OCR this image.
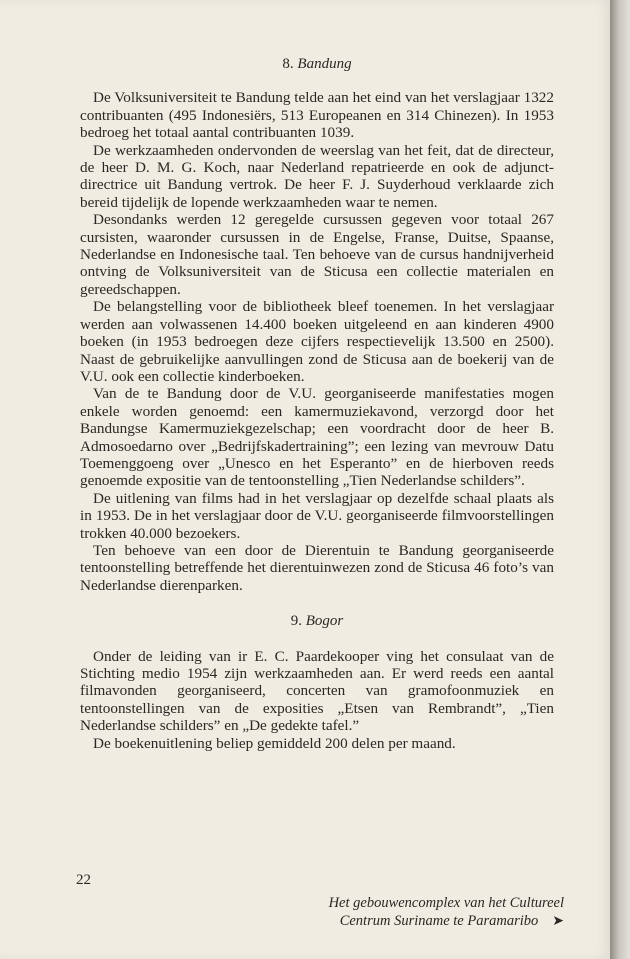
8. Bandung

De Volksuniversiteit te Bandung telde aan het eind van het verslagjaar 1322 contribuanten (495 Indonesiërs, 513 Europeanen en 314 Chinezen). In 1953 bedroeg het totaal aantal contribuanten 1039.

De werkzaamheden ondervonden de weerslag van het feit, dat de directeur, de heer D. M. G. Koch, naar Nederland repatrieerde en ook de adjunct-directrice uit Bandung vertrok. De heer F. J. Suyderhoud verklaarde zich bereid tijdelijk de lopende werkzaamheden waar te nemen.

Desondanks werden 12 geregelde cursussen gegeven voor totaal 267 cursisten, waaronder cursussen in de Engelse, Franse, Duitse, Spaanse, Nederlandse en Indonesische taal. Ten behoeve van de cursus handnijverheid ontving de Volksuniversiteit van de Sticusa een collectie materialen en gereedschappen.

De belangstelling voor de bibliotheek bleef toenemen. In het verslagjaar werden aan volwassenen 14.400 boeken uitgeleend en aan kinderen 4900 boeken (in 1953 bedroegen deze cijfers respectievelijk 13.500 en 2500). Naast de gebruikelijke aanvullingen zond de Sticusa aan de boekerij van de V.U. ook een collectie kinderboeken.

Van de te Bandung door de V.U. georganiseerde manifestaties mogen enkele worden genoemd: een kamermuziekavond, verzorgd door het Bandungse Kamermuziekgezelschap; een voordracht door de heer B. Admosoedarno over „Bedrijfskadertraining”; een lezing van mevrouw Datu Toemenggoeng over „Unesco en het Esperanto” en de hierboven reeds genoemde expositie van de tentoonstelling „Tien Nederlandse schilders”.

De uitlening van films had in het verslagjaar op dezelfde schaal plaats als in 1953. De in het verslagjaar door de V.U. georganiseerde filmvoorstellingen trokken 40.000 bezoekers.

Ten behoeve van een door de Dierentuin te Bandung georganiseerde tentoonstelling betreffende het dierentuinwezen zond de Sticusa 46 foto’s van Nederlandse dierenparken.

9. Bogor

Onder de leiding van ir E. C. Paardekooper ving het consulaat van de Stichting medio 1954 zijn werkzaamheden aan. Er werd reeds een aantal filmavonden georganiseerd, concerten van gramofoonmuziek en tentoonstellingen van de exposities „Etsen van Rembrandt”, „Tien Nederlandse schilders” en „De gedekte tafel.”

De boekenuitlening beliep gemiddeld 200 delen per maand.

22
Het gebouwencomplex van het Cultureel
Centrum Suriname te Paramaribo ➤
